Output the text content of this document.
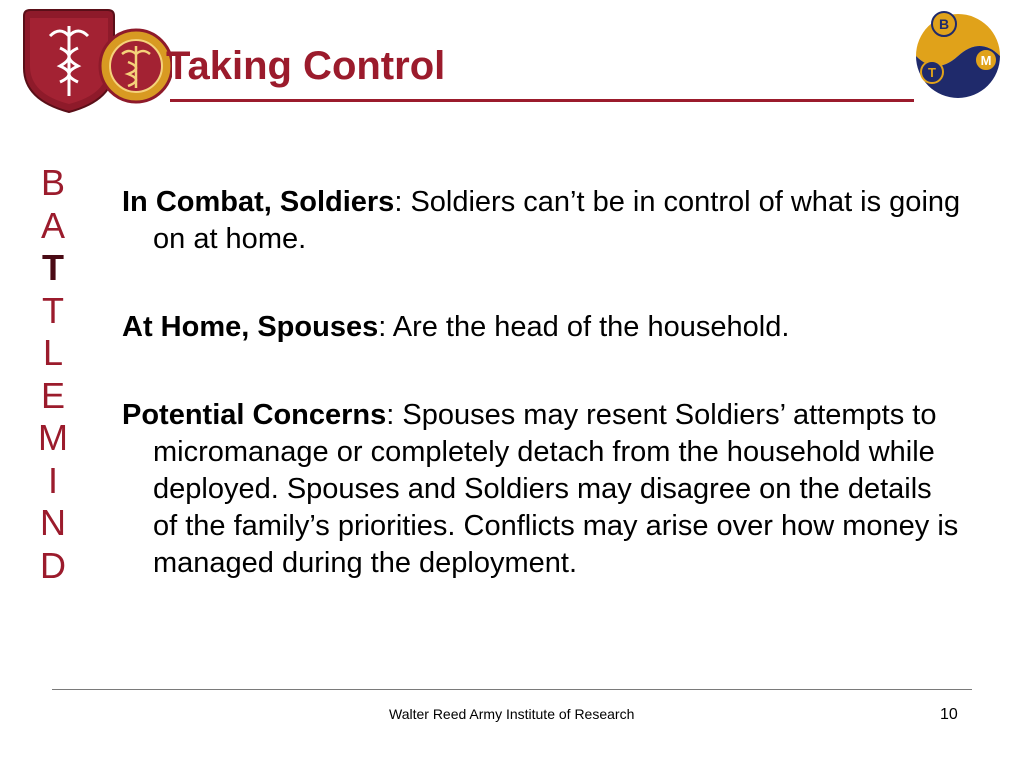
Taking Control
B
T
M
B
A
T
T
L
E
M
I
N
D

In Combat, Soldiers: Soldiers can’t be in control of what is going on at home.

At Home, Spouses: Are the head of the household.

Potential Concerns: Spouses may resent Soldiers’ attempts to micromanage or completely detach from the household while deployed. Spouses and Soldiers may disagree on the details of the family’s priorities. Conflicts may arise over how money is managed during the deployment.

Walter Reed Army Institute of Research	10
